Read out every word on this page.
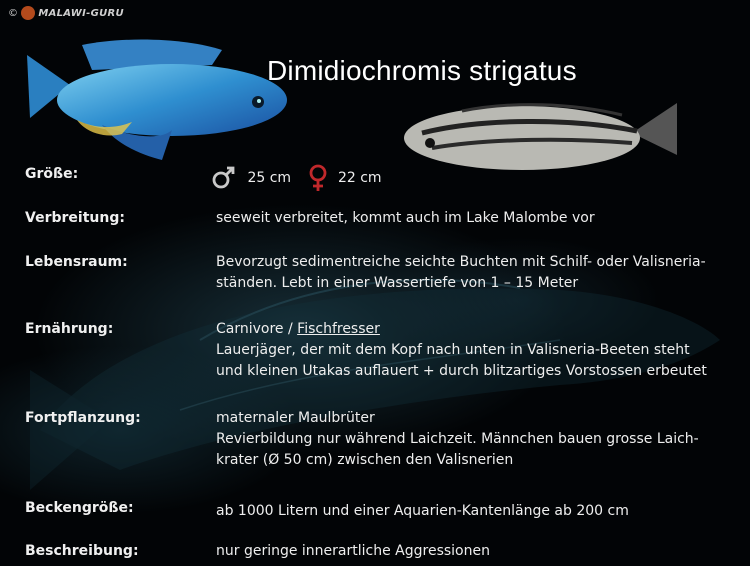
© MALAWI-GURU
Dimidiochromis strigatus
Größe:	25 cm	22 cm
Verbreitung:	seeweit verbreitet, kommt auch im Lake Malombe vor
Lebensraum:	Bevorzugt sedimentreiche seichte Buchten mit Schilf- oder Valisneria-
ständen. Lebt in einer Wassertiefe von 1 – 15 Meter
Ernährung:	Carnivore / Fischfresser
Lauerjäger, der mit dem Kopf nach unten in Valisneria-Beeten steht
und kleinen Utakas auflauert + durch blitzartiges Vorstossen erbeutet
Fortpflanzung:	maternaler Maulbrüter
Revierbildung nur während Laichzeit. Männchen bauen grosse Laich-
krater (Ø 50 cm) zwischen den Valisnerien
Beckengröße:	ab 1000 Litern und einer Aquarien-Kantenlänge ab 200 cm
Beschreibung:	nur geringe innerartliche Aggressionen
